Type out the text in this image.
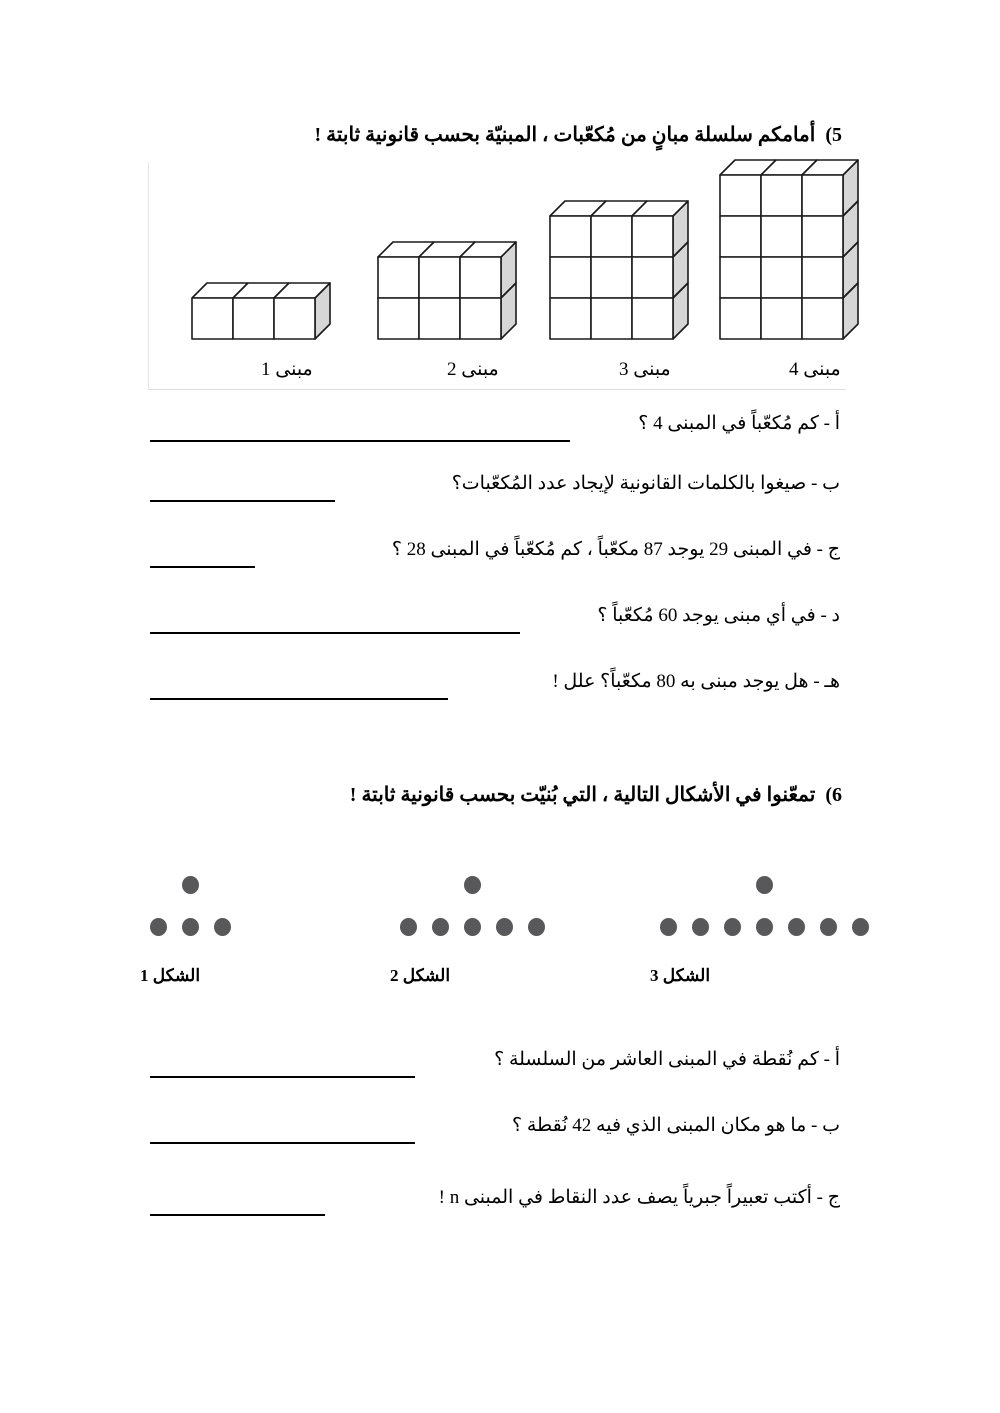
5)
أمامكم سلسلة مبانٍ من مُكعّبات ، المبنيّة بحسب قانونية ثابتة !
مبنى 1	مبنى 2	مبنى 3	مبنى 4
أ - كم مُكعّباً في المبنى 4 ؟
ب - صيغوا بالكلمات القانونية لإيجاد عدد المُكعّبات؟
ج - في المبنى 29 يوجد 87 مكعّباً ، كم مُكعّباً في المبنى 28 ؟
د - في أي مبنى يوجد 60 مُكعّباً ؟
هـ - هل يوجد مبنى به 80 مكعّباً؟ علل !
6)
تمعّنوا في الأشكال التالية ، التي بُنيّت بحسب قانونية ثابتة !
الشكل 1	الشكل 2	الشكل 3
أ - كم نُقطة في المبنى العاشر من السلسلة ؟
ب - ما هو مكان المبنى الذي فيه 42 نُقطة ؟
ج - أكتب تعبيراً جبرياً يصف عدد النقاط في المبنى n !
